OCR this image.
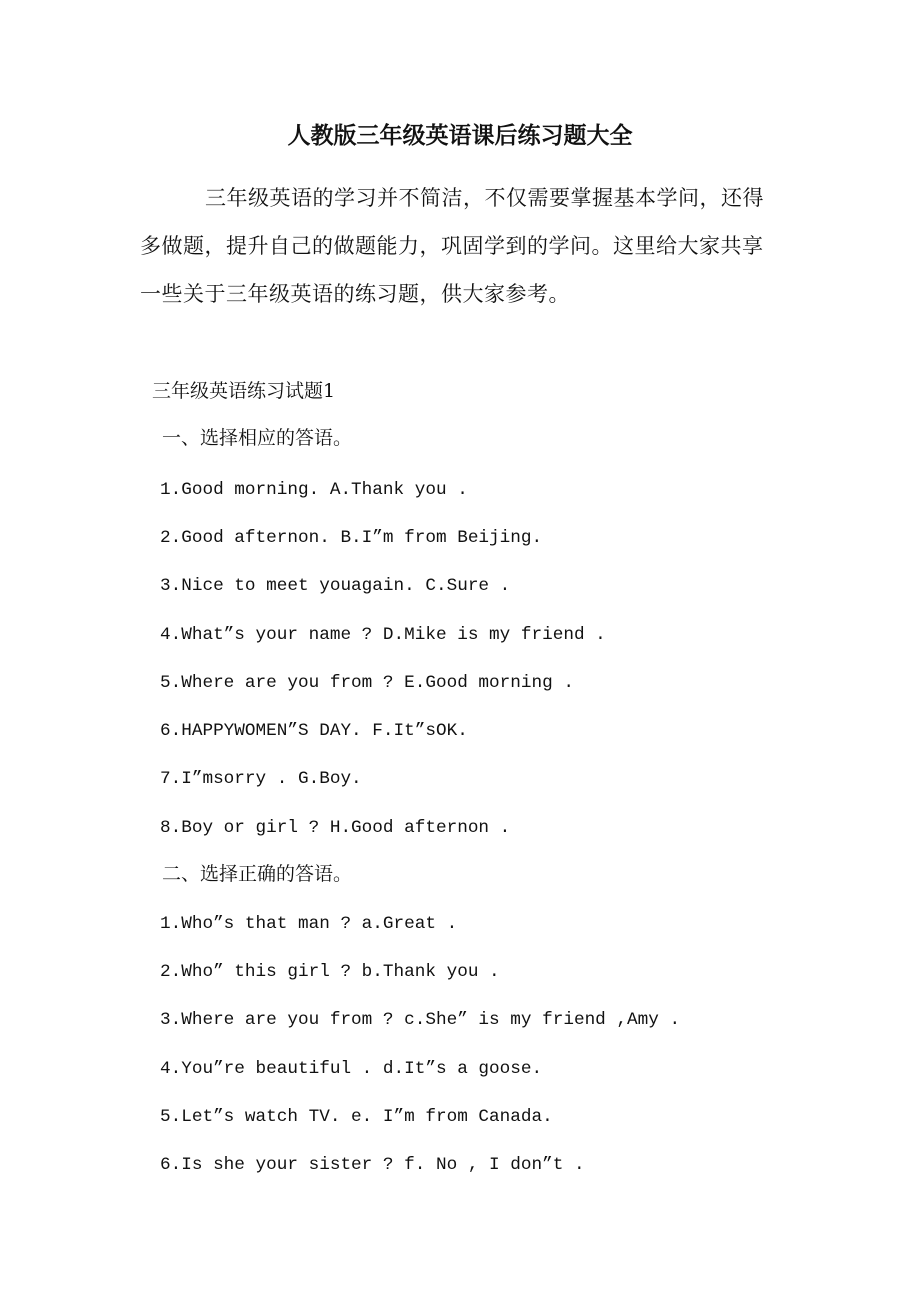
人教版三年级英语课后练习题大全
三年级英语的学习并不简洁，不仅需要掌握基本学问，还得
多做题，提升自己的做题能力，巩固学到的学问。这里给大家共享
一些关于三年级英语的练习题，供大家参考。
三年级英语练习试题1
一、选择相应的答语。
1.Good morning. A.Thank you .
2.Good afternon. B.I”m from Beijing.
3.Nice to meet youagain. C.Sure .
4.What”s your name ? D.Mike is my friend .
5.Where are you from ? E.Good morning .
6.HAPPYWOMEN”S DAY. F.It”sOK.
7.I”msorry . G.Boy.
8.Boy or girl ? H.Good afternon .
二、选择正确的答语。
1.Who”s that man ? a.Great .
2.Who” this girl ? b.Thank you .
3.Where are you from ? c.She” is my friend ,Amy .
4.You”re beautiful . d.It”s a goose.
5.Let”s watch TV. e. I”m from Canada.
6.Is she your sister ? f. No , I don”t .
